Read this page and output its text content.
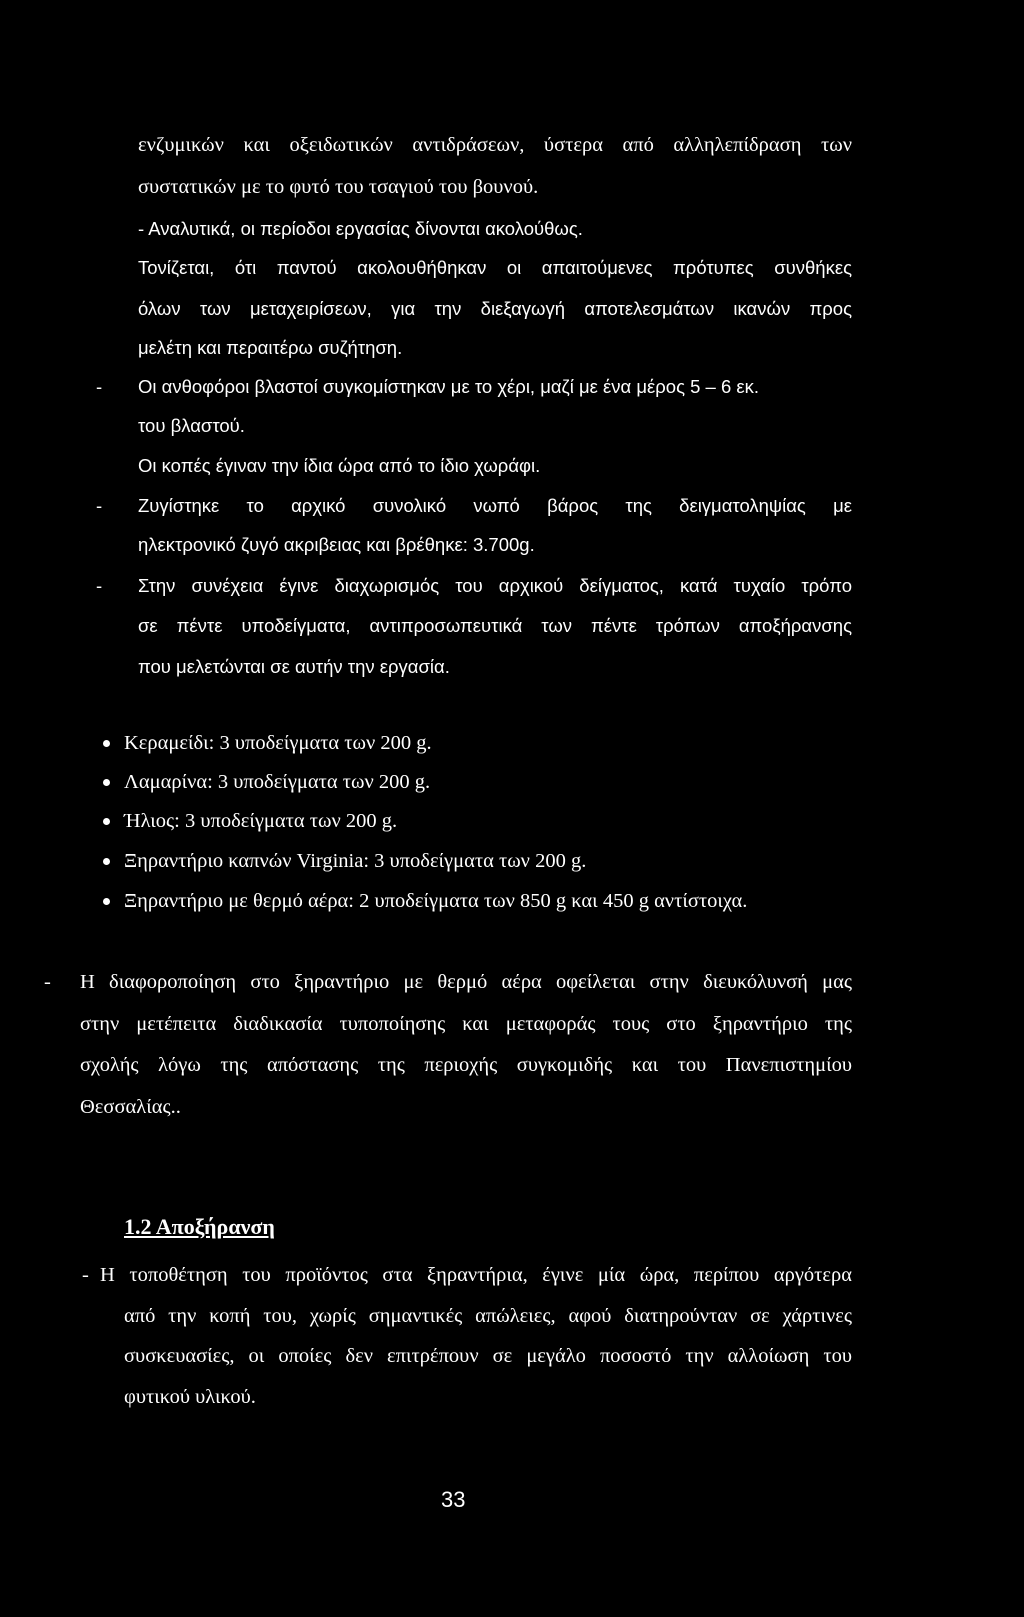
ενζυμικών και οξειδωτικών αντιδράσεων, ύστερα από αλληλεπίδραση των
συστατικών με το φυτό του τσαγιού του βουνού.
- Αναλυτικά, οι περίοδοι εργασίας δίνονται ακολούθως.
Τονίζεται, ότι παντού ακολουθήθηκαν οι απαιτούμενες πρότυπες συνθήκες
όλων των μεταχειρίσεων, για την διεξαγωγή αποτελεσμάτων ικανών προς
μελέτη και περαιτέρω συζήτηση.
- Οι ανθοφόροι βλαστοί συγκομίστηκαν με το χέρι, μαζί με ένα μέρος 5 – 6 εκ.
του βλαστού.
Οι κοπές έγιναν την ίδια ώρα από το ίδιο χωράφι.
- Ζυγίστηκε το αρχικό συνολικό νωπό βάρος της δειγματοληψίας με
ηλεκτρονικό ζυγό ακριβειας και βρέθηκε: 3.700g.
- Στην συνέχεια έγινε διαχωρισμός του αρχικού δείγματος, κατά τυχαίο τρόπο
σε πέντε υποδείγματα, αντιπροσωπευτικά των πέντε τρόπων αποξήρανσης
που μελετώνται σε αυτήν την εργασία.
Κεραμείδι: 3 υποδείγματα των 200 g.
Λαμαρίνα: 3 υποδείγματα των 200 g.
Ήλιος: 3 υποδείγματα των 200 g.
Ξηραντήριο καπνών Virginia: 3 υποδείγματα των 200 g.
Ξηραντήριο με θερμό αέρα: 2 υποδείγματα των 850 g και 450 g αντίστοιχα.
- Η διαφοροποίηση στο ξηραντήριο με θερμό αέρα οφείλεται στην διευκόλυνσή μας
στην μετέπειτα διαδικασία τυποποίησης και μεταφοράς τους στο ξηραντήριο της
σχολής λόγω της απόστασης της περιοχής συγκομιδής και του Πανεπιστημίου
Θεσσαλίας..
1.2 Αποξήρανση
- Η τοποθέτηση του προϊόντος στα ξηραντήρια, έγινε μία ώρα, περίπου αργότερα
από την κοπή του, χωρίς σημαντικές απώλειες, αφού διατηρούνταν σε χάρτινες
συσκευασίες, οι οποίες δεν επιτρέπουν σε μεγάλο ποσοστό την αλλοίωση του
φυτικού υλικού.
33
